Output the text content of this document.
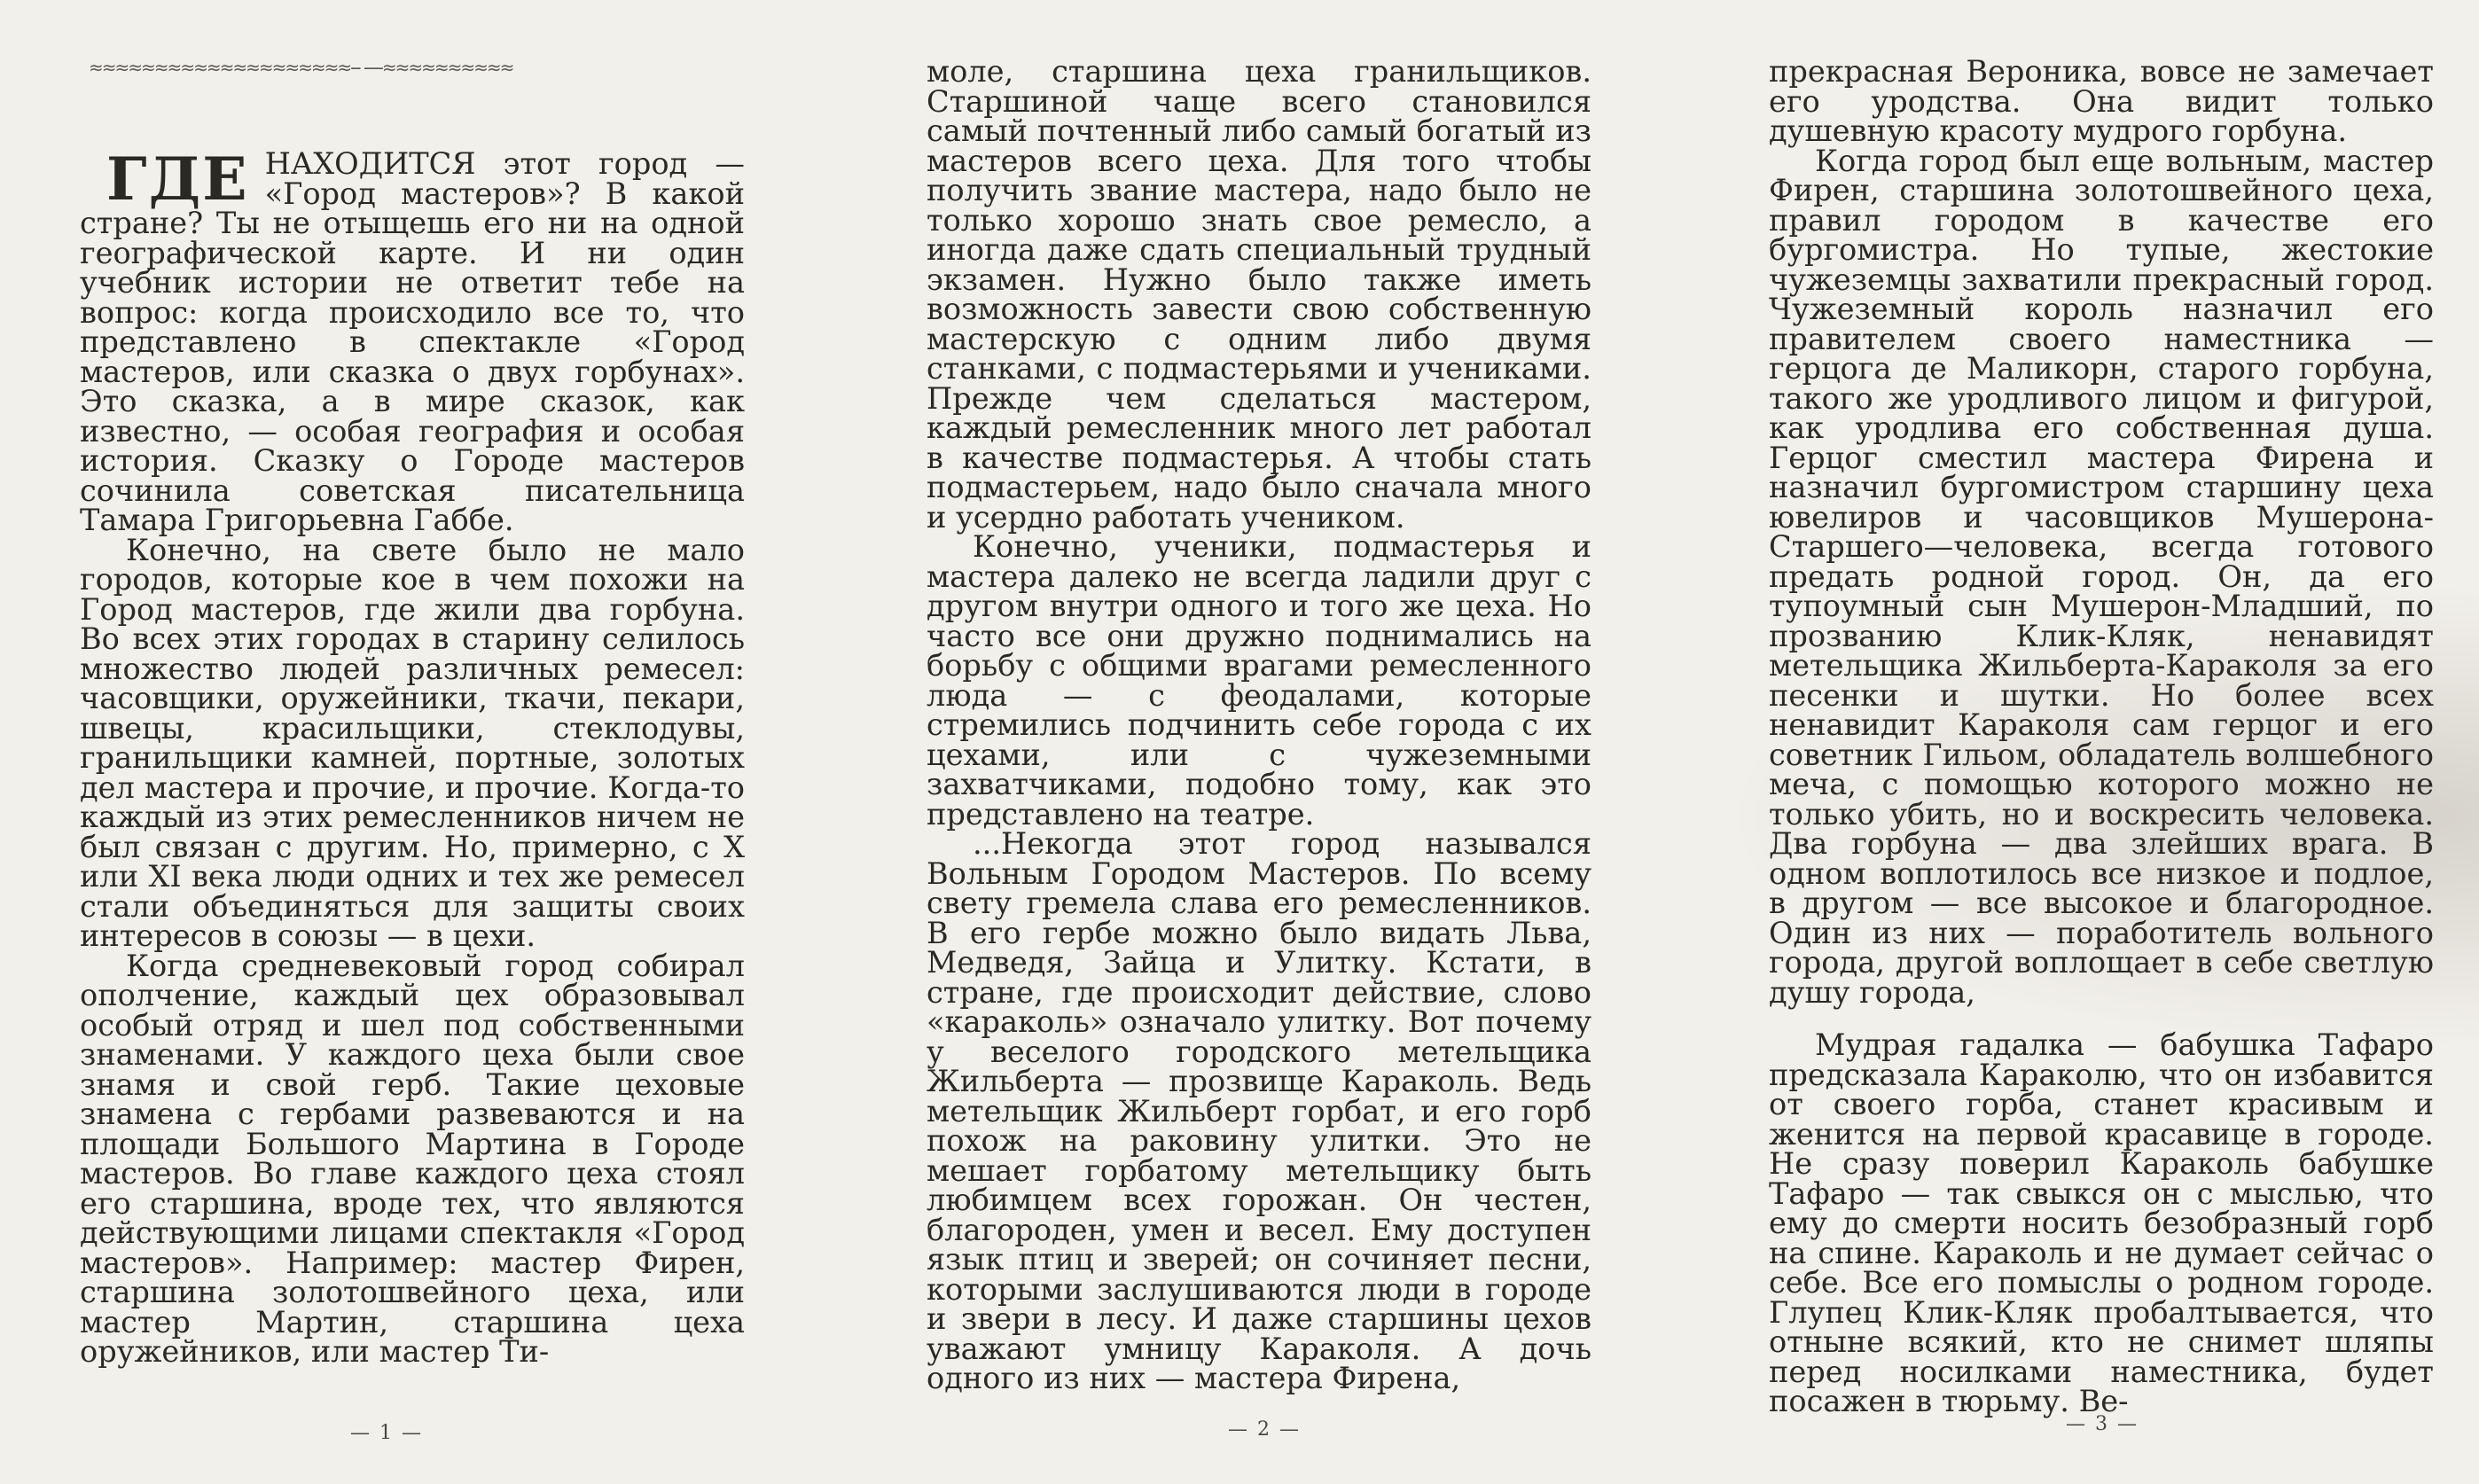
≈≈≈≈≈≈≈≈≈≈≈≈≈≈≈≈≈≈≈≈-- ----≈≈≈≈≈≈≈≈≈≈

ГДЕ НАХОДИТСЯ этот город — «Город мастеров»? В какой стране? Ты не отыщешь его ни на одной географической карте. И ни один учебник истории не ответит тебе на вопрос: когда происходило все то, что представлено в спектакле «Город мастеров, или сказка о двух горбунах». Это сказка, а в мире сказок, как известно, — особая география и особая история. Сказку о Городе мастеров сочинила советская писательница Тамара Григорьевна Габбе.

Конечно, на свете было не мало городов, которые кое в чем похожи на Город мастеров, где жили два горбуна. Во всех этих городах в старину селилось множество людей различных ремесел: часовщики, оружейники, ткачи, пекари, швецы, красильщики, стеклодувы, гранильщики камней, портные, золотых дел мастера и прочие, и прочие. Когда-то каждый из этих ремесленников ничем не был связан с другим. Но, примерно, с X или XI века люди одних и тех же ремесел стали объединяться для защиты своих интересов в союзы — в цехи.

Когда средневековый город собирал ополчение, каждый цех образовывал особый отряд и шел под собственными знаменами. У каждого цеха были свое знамя и свой герб. Такие цеховые знамена с гербами развеваются и на площади Большого Мартина в Городе мастеров. Во главе каждого цеха стоял его старшина, вроде тех, что являются действующими лицами спектакля «Город мастеров». Например: мастер Фирен, старшина золотошвейного цеха, или мастер Мартин, старшина цеха оружейников, или мастер Ти-

— 1 —

моле, старшина цеха гранильщиков. Старшиной чаще всего становился самый почтенный либо самый богатый из мастеров всего цеха. Для того чтобы получить звание мастера, надо было не только хорошо знать свое ремесло, а иногда даже сдать специальный трудный экзамен. Нужно было также иметь возможность завести свою собственную мастерскую с одним либо двумя станками, с подмастерьями и учениками. Прежде чем сделаться мастером, каждый ремесленник много лет работал в качестве подмастерья. А чтобы стать подмастерьем, надо было сначала много и усердно работать учеником.

Конечно, ученики, подмастерья и мастера далеко не всегда ладили друг с другом внутри одного и того же цеха. Но часто все они дружно поднимались на борьбу с общими врагами ремесленного люда — с феодалами, которые стремились подчинить себе города с их цехами, или с чужеземными захватчиками, подобно тому, как это представлено на театре.

...Некогда этот город назывался Вольным Городом Мастеров. По всему свету гремела слава его ремесленников. В его гербе можно было видать Льва, Медведя, Зайца и Улитку. Кстати, в стране, где происходит действие, слово «караколь» означало улитку. Вот почему у веселого городского метельщика Жильберта — прозвище Караколь. Ведь метельщик Жильберт горбат, и его горб похож на раковину улитки. Это не мешает горбатому метельщику быть любимцем всех горожан. Он честен, благороден, умен и весел. Ему доступен язык птиц и зверей; он сочиняет песни, которыми заслушиваются люди в городе и звери в лесу. И даже старшины цехов уважают умницу Караколя. А дочь одного из них — мастера Фирена,

— 2 —

прекрасная Вероника, вовсе не замечает его уродства. Она видит только душевную красоту мудрого горбуна.

Когда город был еще вольным, мастер Фирен, старшина золотошвейного цеха, правил городом в качестве его бургомистра. Но тупые, жестокие чужеземцы захватили прекрасный город. Чужеземный король назначил его правителем своего наместника — герцога де Маликорн, старого горбуна, такого же уродливого лицом и фигурой, как уродлива его собственная душа. Герцог сместил мастера Фирена и назначил бургомистром старшину цеха ювелиров и часовщиков Мушерона-Старшего—человека, всегда готового предать родной город. Он, да его тупоумный сын Мушерон-Младший, по прозванию Клик-Кляк, ненавидят метельщика Жильберта-Караколя за его песенки и шутки. Но более всех ненавидит Караколя сам герцог и его советник Гильом, обладатель волшебного меча, с помощью которого можно не только убить, но и воскресить человека. Два горбуна — два злейших врага. В одном воплотилось все низкое и подлое, в другом — все высокое и благородное. Один из них — поработитель вольного города, другой воплощает в себе светлую душу города,

Мудрая гадалка — бабушка Тафаро предсказала Караколю, что он избавится от своего горба, станет красивым и женится на первой красавице в городе. Не сразу поверил Караколь бабушке Тафаро — так свыкся он с мыслью, что ему до смерти носить безобразный горб на спине. Караколь и не думает сейчас о себе. Все его помыслы о родном городе. Глупец Клик-Кляк пробалтывается, что отныне всякий, кто не снимет шляпы перед носилками наместника, будет посажен в тюрьму. Ве-

— 3 —
